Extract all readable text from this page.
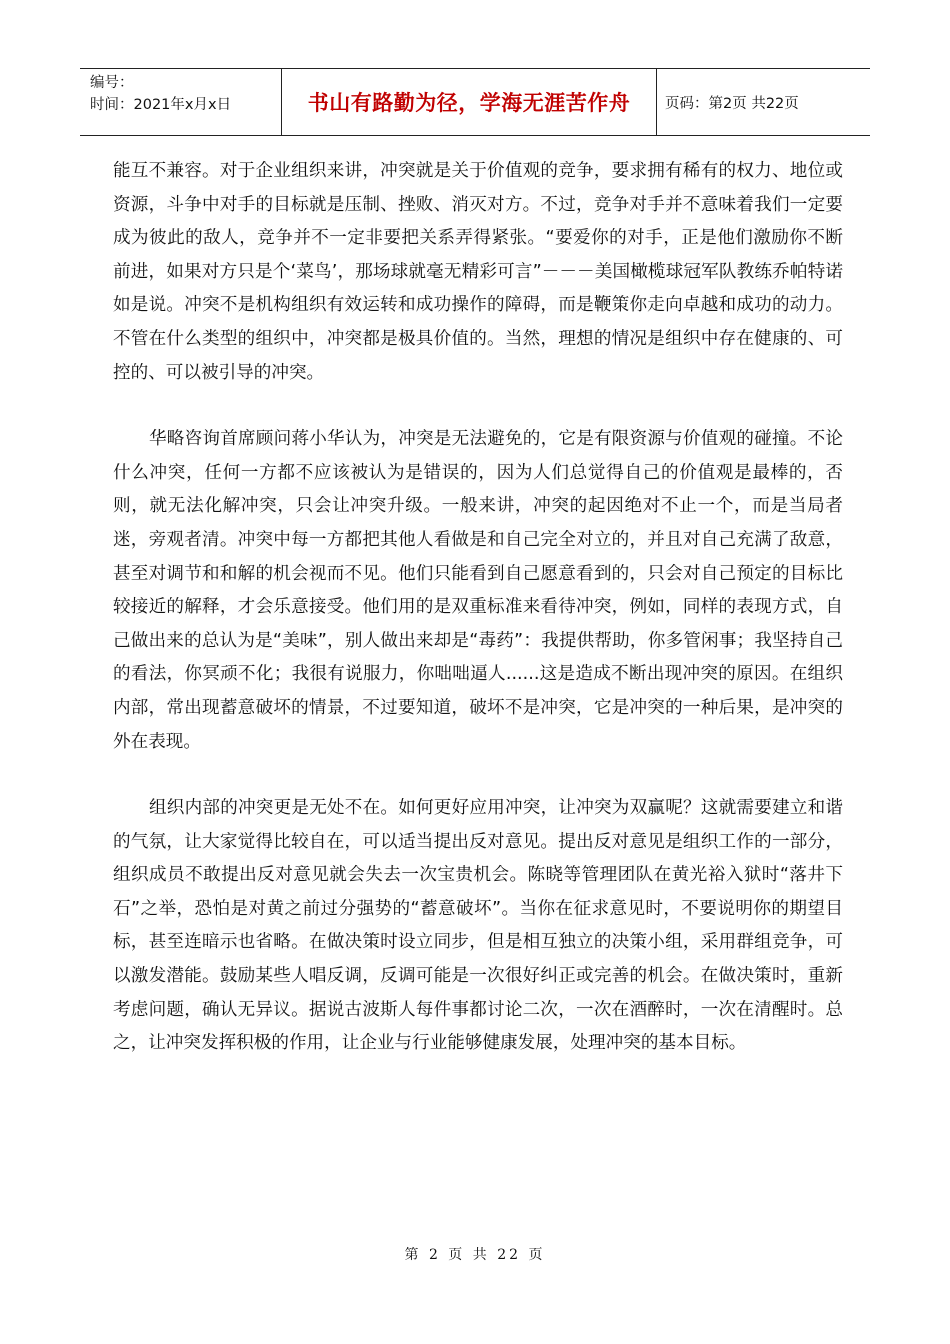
编号：
时间：2021年x月x日	书山有路勤为径，学海无涯苦作舟 页码：第2页 共22页

能互不兼容。对于企业组织来讲，冲突就是关于价值观的竞争，要求拥有稀有的权力、地位或资源，斗争中对手的目标就是压制、挫败、消灭对方。不过，竞争对手并不意味着我们一定要成为彼此的敌人，竞争并不一定非要把关系弄得紧张。“要爱你的对手，正是他们激励你不断前进，如果对方只是个‘菜鸟’，那场球就毫无精彩可言”－－－美国橄榄球冠军队教练乔帕特诺如是说。冲突不是机构组织有效运转和成功操作的障碍，而是鞭策你走向卓越和成功的动力。不管在什么类型的组织中，冲突都是极具价值的。当然，理想的情况是组织中存在健康的、可控的、可以被引导的冲突。

华略咨询首席顾问蒋小华认为，冲突是无法避免的，它是有限资源与价值观的碰撞。不论什么冲突，任何一方都不应该被认为是错误的，因为人们总觉得自己的价值观是最棒的，否则，就无法化解冲突，只会让冲突升级。一般来讲，冲突的起因绝对不止一个，而是当局者迷，旁观者清。冲突中每一方都把其他人看做是和自己完全对立的，并且对自己充满了敌意，甚至对调节和和解的机会视而不见。他们只能看到自己愿意看到的，只会对自己预定的目标比较接近的解释，才会乐意接受。他们用的是双重标准来看待冲突，例如，同样的表现方式，自己做出来的总认为是“美味”，别人做出来却是“毒药”：我提供帮助，你多管闲事；我坚持自己的看法，你冥顽不化；我很有说服力，你咄咄逼人......这是造成不断出现冲突的原因。在组织内部，常出现蓄意破坏的情景，不过要知道，破坏不是冲突，它是冲突的一种后果，是冲突的外在表现。

组织内部的冲突更是无处不在。如何更好应用冲突，让冲突为双赢呢？这就需要建立和谐的气氛，让大家觉得比较自在，可以适当提出反对意见。提出反对意见是组织工作的一部分，组织成员不敢提出反对意见就会失去一次宝贵机会。陈晓等管理团队在黄光裕入狱时“落井下石”之举，恐怕是对黄之前过分强势的“蓄意破坏”。当你在征求意见时，不要说明你的期望目标，甚至连暗示也省略。在做决策时设立同步，但是相互独立的决策小组，采用群组竞争，可以激发潜能。鼓励某些人唱反调，反调可能是一次很好纠正或完善的机会。在做决策时，重新考虑问题，确认无异议。据说古波斯人每件事都讨论二次，一次在酒醉时，一次在清醒时。总之，让冲突发挥积极的作用，让企业与行业能够健康发展，处理冲突的基本目标。

第 2 页 共 22 页
